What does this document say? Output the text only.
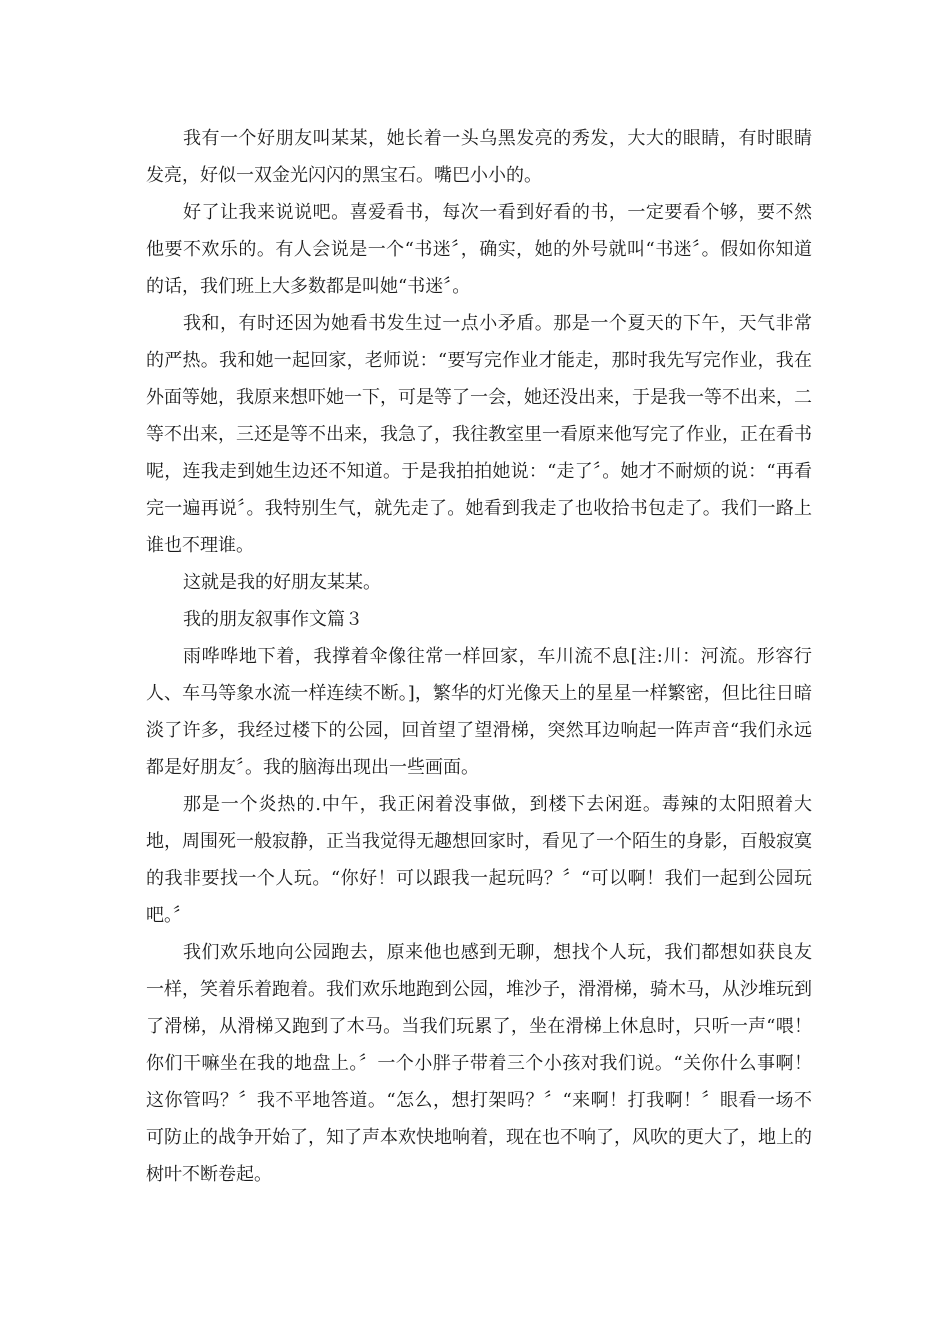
我有一个好朋友叫某某，她长着一头乌黑发亮的秀发，大大的眼睛，有时眼睛发亮，好似一双金光闪闪的黑宝石。嘴巴小小的。

好了让我来说说吧。喜爱看书，每次一看到好看的书，一定要看个够，要不然他要不欢乐的。有人会说是一个“书迷〞，确实，她的外号就叫“书迷〞。假如你知道的话，我们班上大多数都是叫她“书迷〞。

我和，有时还因为她看书发生过一点小矛盾。那是一个夏天的下午，天气非常的严热。我和她一起回家，老师说：“要写完作业才能走，那时我先写完作业，我在外面等她，我原来想吓她一下，可是等了一会，她还没出来，于是我一等不出来，二等不出来，三还是等不出来，我急了，我往教室里一看原来他写完了作业，正在看书呢，连我走到她生边还不知道。于是我拍拍她说：“走了〞。她才不耐烦的说：“再看完一遍再说〞。我特别生气，就先走了。她看到我走了也收拾书包走了。我们一路上谁也不理谁。

这就是我的好朋友某某。

我的朋友叙事作文篇３

雨哗哗地下着，我撑着伞像往常一样回家，车川流不息[注:川：河流。形容行人、车马等象水流一样连续不断。]，繁华的灯光像天上的星星一样繁密，但比往日暗淡了许多，我经过楼下的公园，回首望了望滑梯，突然耳边响起一阵声音“我们永远都是好朋友〞。我的脑海出现出一些画面。

那是一个炎热的.中午，我正闲着没事做，到楼下去闲逛。毒辣的太阳照着大地，周围死一般寂静，正当我觉得无趣想回家时，看见了一个陌生的身影，百般寂寞的我非要找一个人玩。“你好！可以跟我一起玩吗？〞“可以啊！我们一起到公园玩吧。〞

我们欢乐地向公园跑去，原来他也感到无聊，想找个人玩，我们都想如获良友一样，笑着乐着跑着。我们欢乐地跑到公园，堆沙子，滑滑梯，骑木马，从沙堆玩到了滑梯，从滑梯又跑到了木马。当我们玩累了，坐在滑梯上休息时，只听一声“喂！你们干嘛坐在我的地盘上。〞一个小胖子带着三个小孩对我们说。“关你什么事啊！这你管吗？〞我不平地答道。“怎么，想打架吗？〞“来啊！打我啊！〞眼看一场不可防止的战争开始了，知了声本欢快地响着，现在也不响了，风吹的更大了，地上的树叶不断卷起。
